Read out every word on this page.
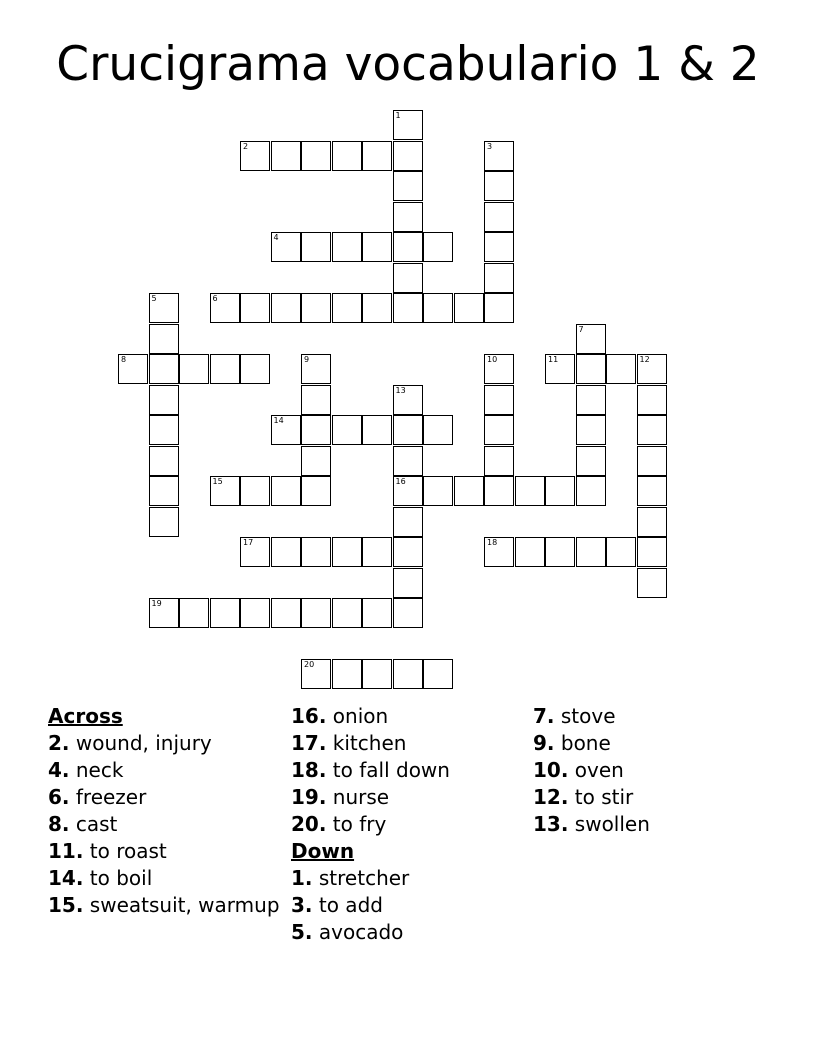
Crucigrama vocabulario 1 & 2
1
2	3
4
5	6
7
8	9	10	11	12
13
14
15	16
17	18
19
20
Across
2. wound, injury
4. neck
6. freezer
8. cast
11. to roast
14. to boil
15. sweatsuit, warmup
16. onion
17. kitchen
18. to fall down
19. nurse
20. to fry
Down
1. stretcher
3. to add
5. avocado
7. stove
9. bone
10. oven
12. to stir
13. swollen
